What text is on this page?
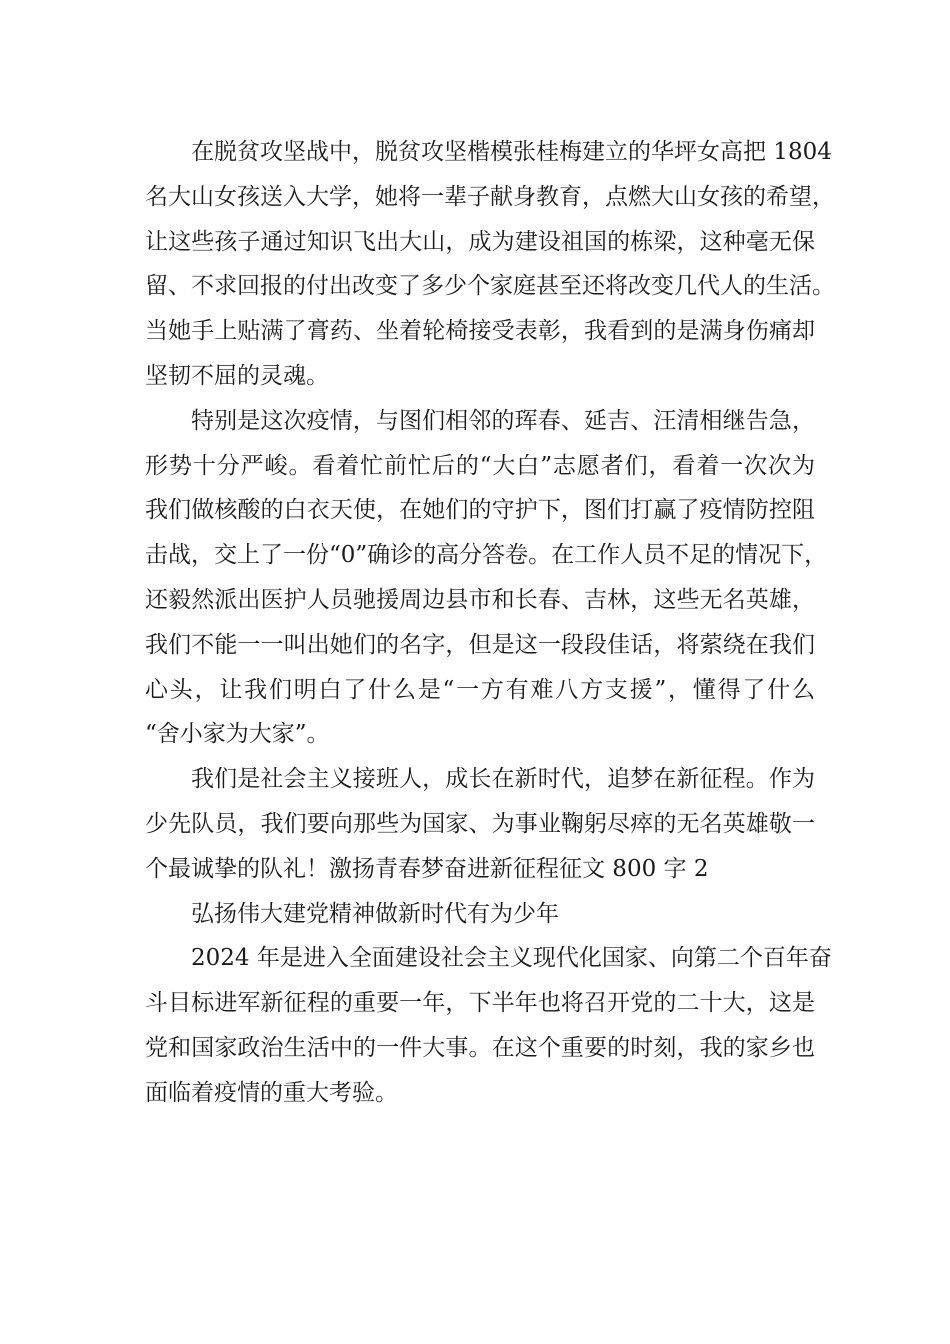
在脱贫攻坚战中，脱贫攻坚楷模张桂梅建立的华坪女高把 1804
名大山女孩送入大学，她将一辈子献身教育，点燃大山女孩的希望，
让这些孩子通过知识飞出大山，成为建设祖国的栋梁，这种毫无保
留、不求回报的付出改变了多少个家庭甚至还将改变几代人的生活。
当她手上贴满了膏药、坐着轮椅接受表彰，我看到的是满身伤痛却
坚韧不屈的灵魂。
特别是这次疫情，与图们相邻的珲春、延吉、汪清相继告急，
形势十分严峻。看着忙前忙后的“大白”志愿者们，看着一次次为
我们做核酸的白衣天使，在她们的守护下，图们打赢了疫情防控阻
击战，交上了一份“0”确诊的高分答卷。在工作人员不足的情况下，
还毅然派出医护人员驰援周边县市和长春、吉林，这些无名英雄，
我们不能一一叫出她们的名字，但是这一段段佳话，将萦绕在我们
心头，让我们明白了什么是“一方有难八方支援”，懂得了什么
“舍小家为大家”。
我们是社会主义接班人，成长在新时代，追梦在新征程。作为
少先队员，我们要向那些为国家、为事业鞠躬尽瘁的无名英雄敬一
个最诚挚的队礼！激扬青春梦奋进新征程征文 800 字 2
弘扬伟大建党精神做新时代有为少年
2024 年是进入全面建设社会主义现代化国家、向第二个百年奋
斗目标进军新征程的重要一年，下半年也将召开党的二十大，这是
党和国家政治生活中的一件大事。在这个重要的时刻，我的家乡也
面临着疫情的重大考验。
